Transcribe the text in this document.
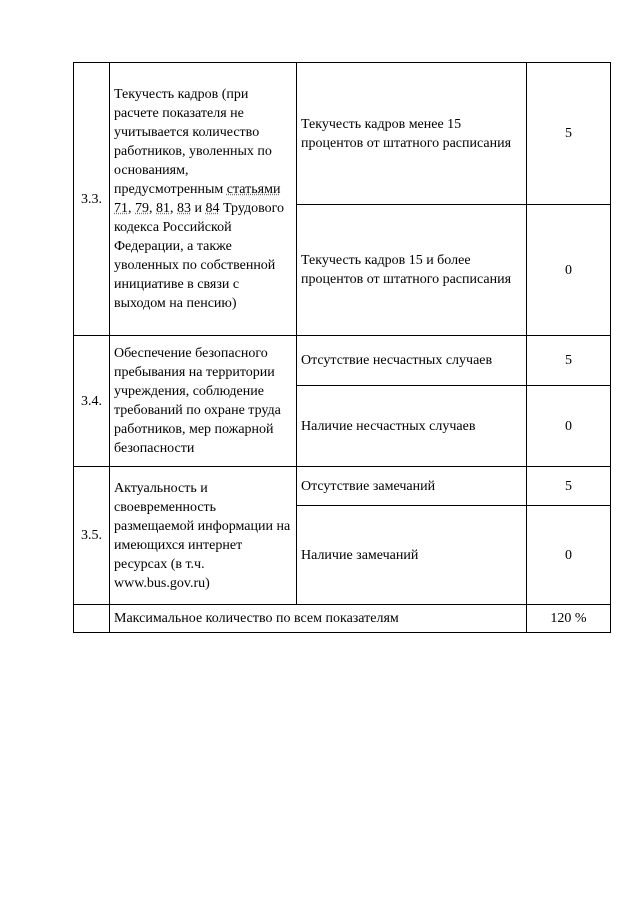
3.3.	Текучесть кадров (при расчете показателя не учитывается количество работников, уволенных по основаниям, предусмотренным статьями 71, 79, 81, 83 и 84 Трудового кодекса Российской Федерации, а также уволенных по собственной инициативе в связи с выходом на пенсию)	Текучесть кадров менее 15 процентов от штатного расписания	5
		Текучесть кадров 15 и более процентов от штатного расписания	0
3.4.	Обеспечение безопасного пребывания на территории учреждения, соблюдение требований по охране труда работников, мер пожарной безопасности	Отсутствие несчастных случаев	5
		Наличие несчастных случаев	0
3.5.	Актуальность и своевременность размещаемой информации на имеющихся интернет ресурсах (в т.ч. www.bus.gov.ru)	Отсутствие замечаний	5
		Наличие замечаний	0
	Максимальное количество по всем показателям		120 %
